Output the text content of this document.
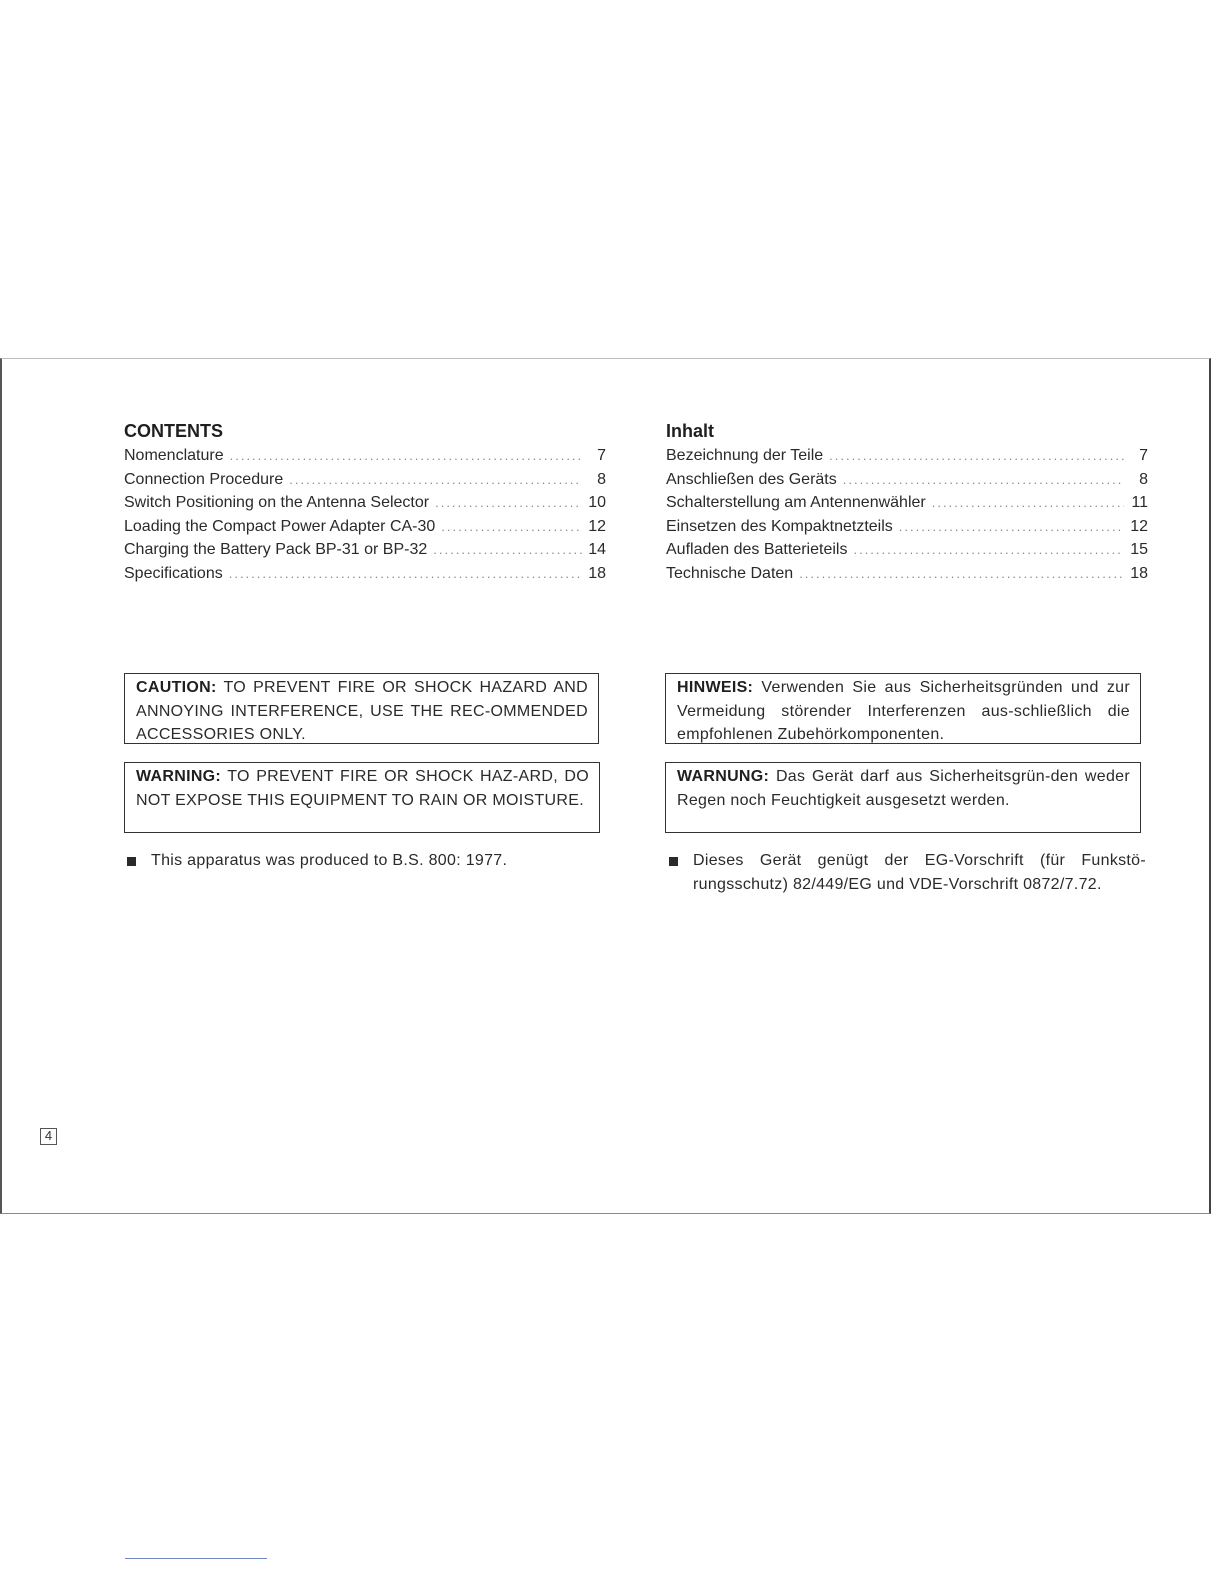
CONTENTS
Nomenclature .....	7
Connection Procedure .....	8
Switch Positioning on the Antenna Selector .....	10
Loading the Compact Power Adapter CA-30 .....	12
Charging the Battery Pack BP-31 or BP-32 .....	14
Specifications .....	18
Inhalt
Bezeichnung der Teile .....	7
Anschließen des Geräts .....	8
Schalterstellung am Antennenwähler .....	11
Einsetzen des Kompaktnetzteils .....	12
Aufladen des Batterieteils .....	15
Technische Daten .....	18
CAUTION: TO PREVENT FIRE OR SHOCK HAZARD AND ANNOYING INTERFERENCE, USE THE REC-OMMENDED ACCESSORIES ONLY.
WARNING: TO PREVENT FIRE OR SHOCK HAZ-ARD, DO NOT EXPOSE THIS EQUIPMENT TO RAIN OR MOISTURE.
HINWEIS: Verwenden Sie aus Sicherheitsgründen und zur Vermeidung störender Interferenzen aus-schließlich die empfohlenen Zubehörkomponenten.
WARNUNG: Das Gerät darf aus Sicherheitsgrün-den weder Regen noch Feuchtigkeit ausgesetzt werden.
This apparatus was produced to B.S. 800: 1977.	Dieses Gerät genügt der EG-Vorschrift (für Funkstö-rungsschutz) 82/449/EG und VDE-Vorschrift 0872/7.72.
4
